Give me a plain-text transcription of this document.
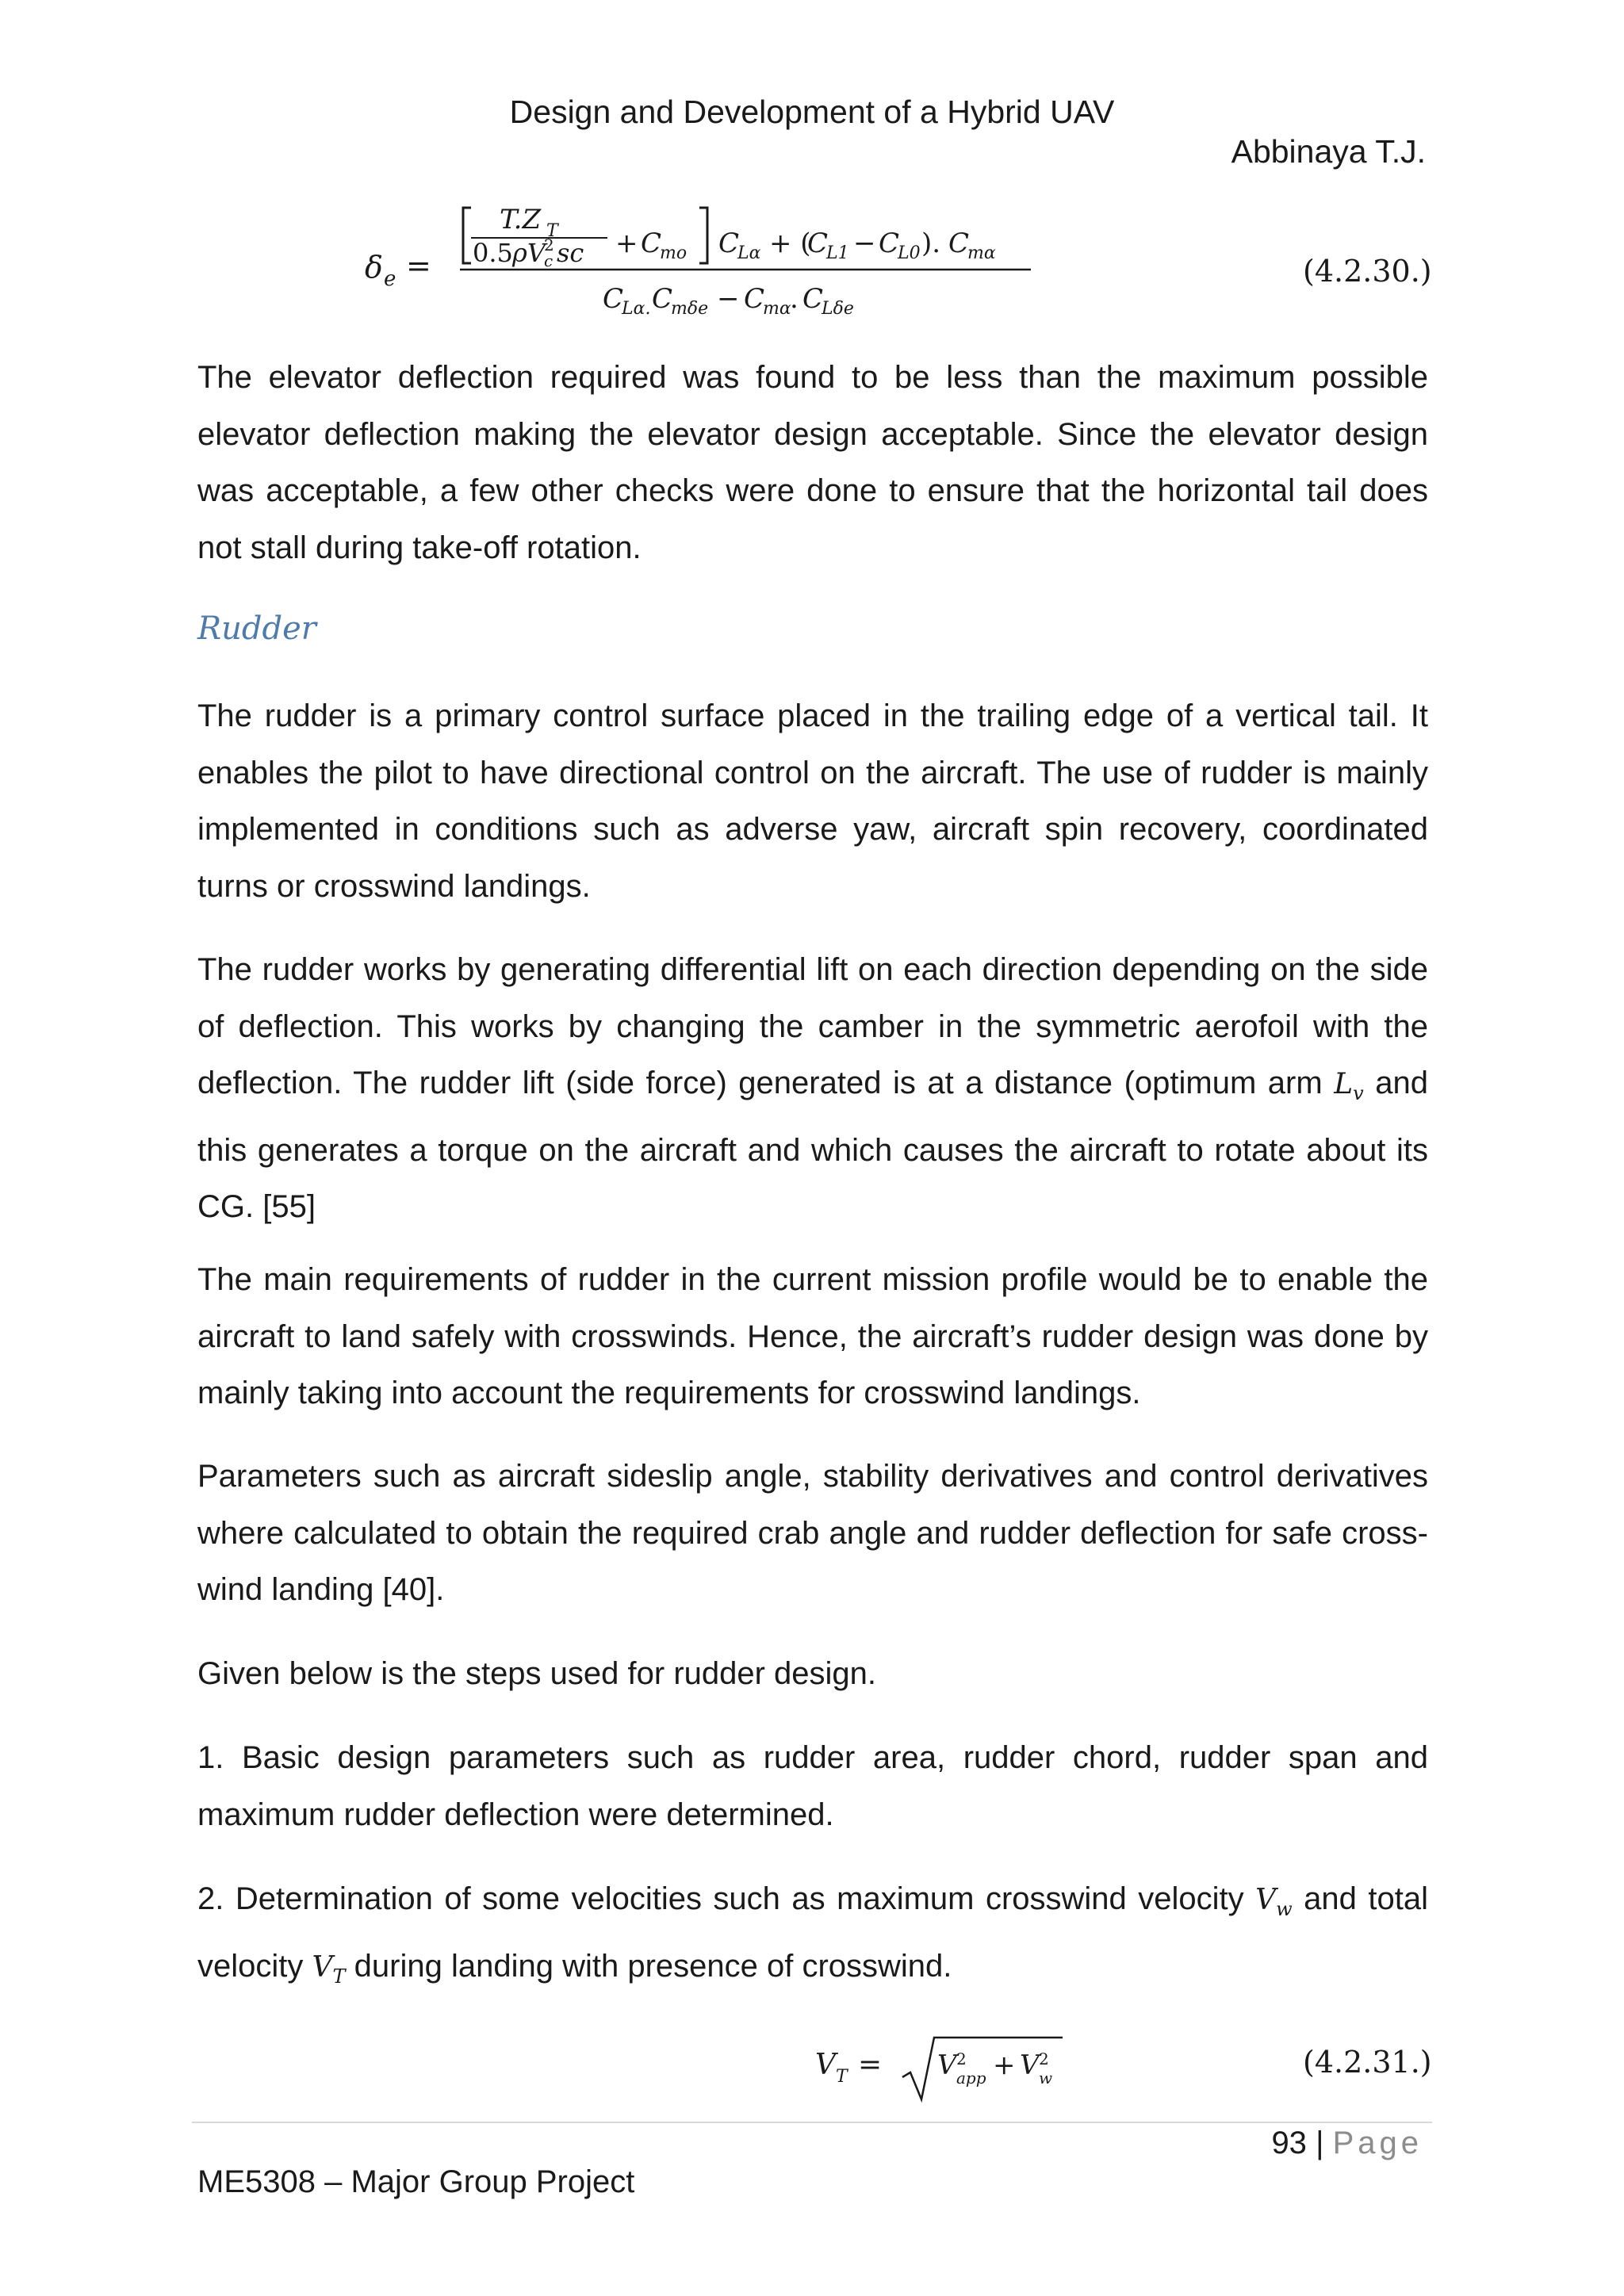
Design and Development of a Hybrid UAV
Abbinaya T.J.
δ e =
T.Z T
0.5 ρV
2
c sc + C
mo C
Lα + (
C
L1 − C
L0 ). C
mα
C
Lα. C
mδe − C
mα
. C
Lδe
(4.2.30.)
The elevator deflection required was found to be less than the maximum possible elevator deflection making the elevator design acceptable. Since the elevator design was acceptable, a few other checks were done to ensure that the horizontal tail does not stall during take-off rotation.
Rudder
The rudder is a primary control surface placed in the trailing edge of a vertical tail. It enables the pilot to have directional control on the aircraft. The use of rudder is mainly implemented in conditions such as adverse yaw, aircraft spin recovery, coordinated turns or crosswind landings.
The rudder works by generating differential lift on each direction depending on the side of deflection. This works by changing the camber in the symmetric aerofoil with the deflection. The rudder lift (side force) generated is at a distance (optimum arm $L_v$ and this generates a torque on the aircraft and which causes the aircraft to rotate about its CG. [55]
The main requirements of rudder in the current mission profile would be to enable the aircraft to land safely with crosswinds. Hence, the aircraft’s rudder design was done by mainly taking into account the requirements for crosswind landings.
Parameters such as aircraft sideslip angle, stability derivatives and control derivatives where calculated to obtain the required crab angle and rudder deflection for safe cross-wind landing [40].
Given below is the steps used for rudder design.
1. Basic design parameters such as rudder area, rudder chord, rudder span and maximum rudder deflection were determined.
2. Determination of some velocities such as maximum crosswind velocity $V_w$ and total velocity $V_T$ during landing with presence of crosswind.
V T = V 2
app + V 2
w	(4.2.31.)
93 | Page
ME5308 – Major Group Project
